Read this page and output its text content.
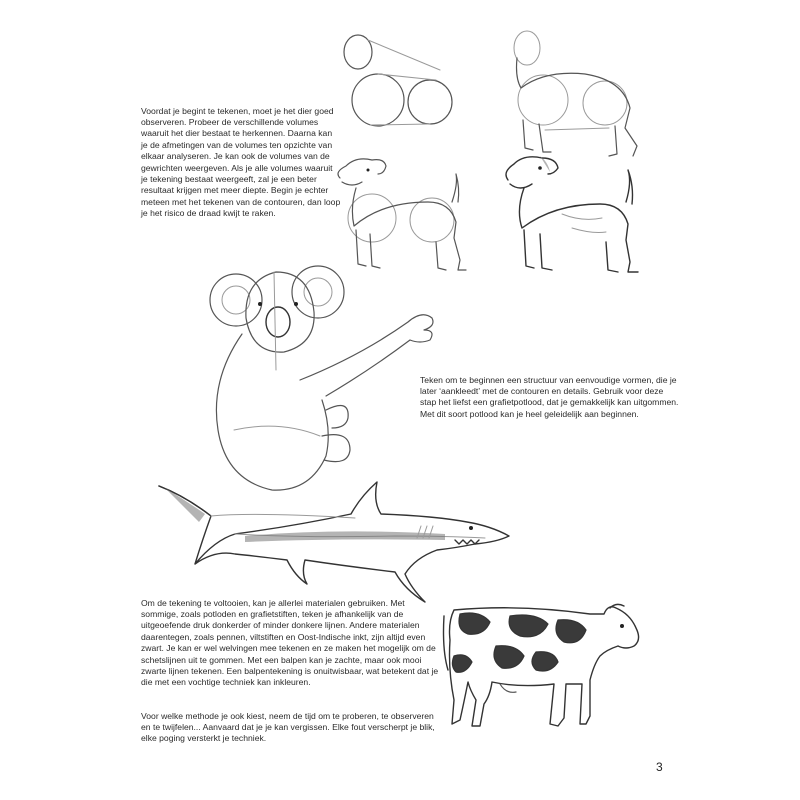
Voordat je begint te tekenen, moet je het dier goed observeren. Probeer de verschillende volumes waaruit het dier bestaat te herkennen. Daarna kan je de afmetingen van de volumes ten opzichte van elkaar analyseren. Je kan ook de volumes van de gewrichten weergeven. Als je alle volumes waaruit je tekening bestaat weergeeft, zal je een beter resultaat krijgen met meer diepte. Begin je echter meteen met het tekenen van de contouren, dan loop je het risico de draad kwijt te raken.

Teken om te beginnen een structuur van eenvoudige vormen, die je later ‘aankleedt’ met de contouren en details. Gebruik voor deze stap het liefst een grafietpotlood, dat je gemakkelijk kan uitgommen. Met dit soort potlood kan je heel geleidelijk aan beginnen.

Om de tekening te voltooien, kan je allerlei materialen gebruiken. Met sommige, zoals potloden en grafietstiften, teken je afhankelijk van de uitgeoefende druk donkerder of minder donkere lijnen. Andere materialen daarentegen, zoals pennen, viltstiften en Oost-Indische inkt, zijn altijd even zwart. Je kan er wel welvingen mee tekenen en ze maken het mogelijk om de schetslijnen uit te gommen. Met een balpen kan je zachte, maar ook mooi zwarte lijnen tekenen. Een balpentekening is onuitwisbaar, wat betekent dat je die met een vochtige techniek kan inkleuren.

Voor welke methode je ook kiest, neem de tijd om te proberen, te observeren en te twijfelen... Aanvaard dat je je kan vergissen. Elke fout verscherpt je blik, elke poging versterkt je techniek.

3
